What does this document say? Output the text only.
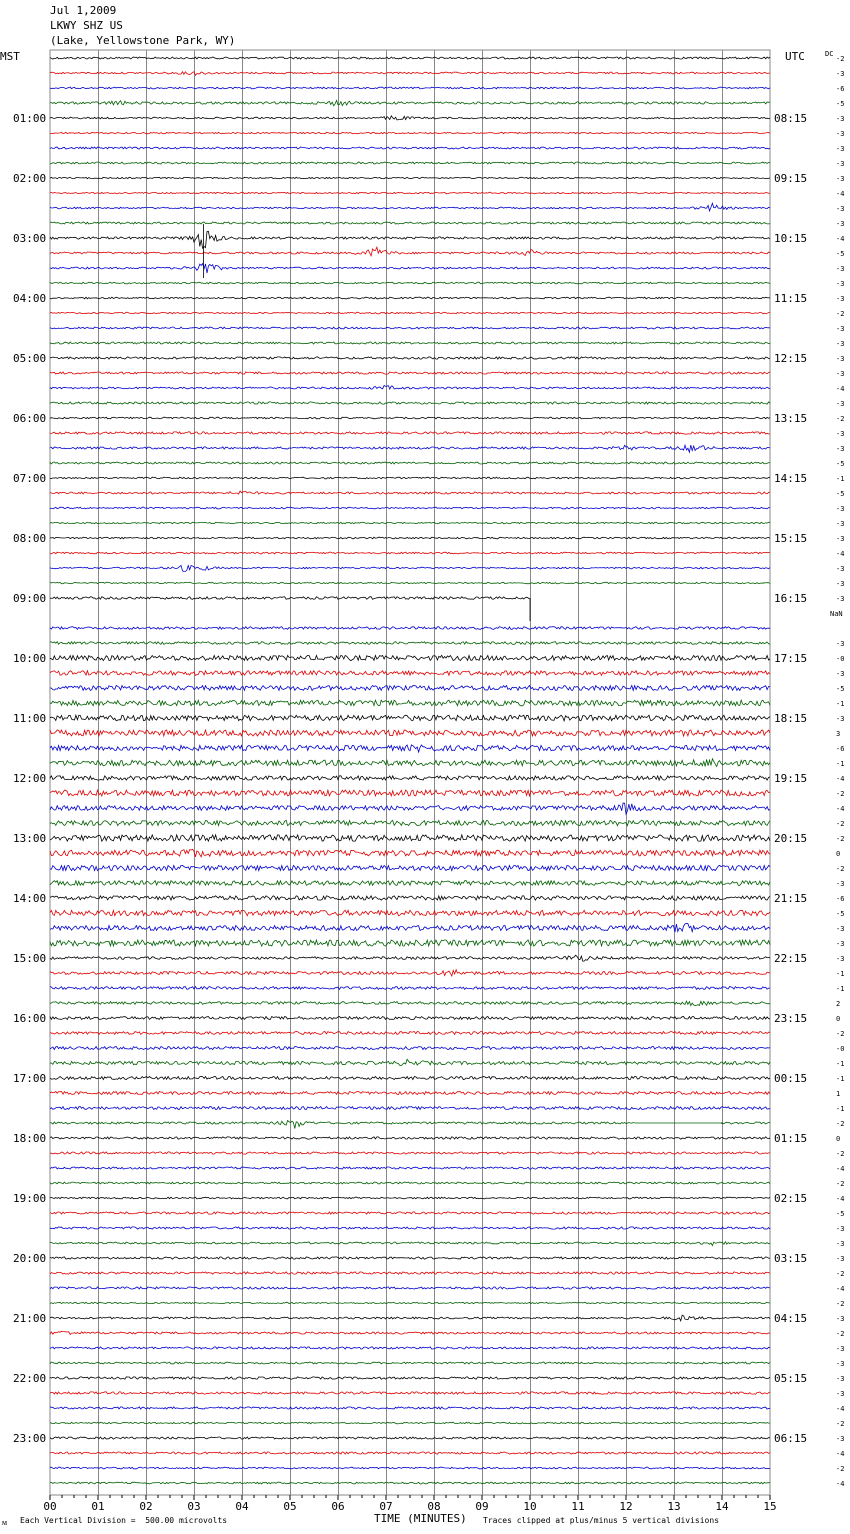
Jul 1,2009
LKWY SHZ US
(Lake, Yellowstone Park, WY)
MST	UTC	-2
-3
-6
-5
-3
-3
-3
-3
-3
-4
-3
-3
-4
-5
-3
-3
-3
-2
-3
-3
-3
-3
-4
-3
-2
-3
-3
-5
-1
-5
-3
-3
-3
-4
-3
-3
-3
-3
-0
-3
-5
-1
-3
3
-6
-1
-4
-2
-4
-2
-2
0
-2
-3
-6
-5
-3
-3
-3
-1
-1
2
0
-2
-0
-1
-1
1
-1
-2
0
-2
-4
-2
-4
-5
-3
-3
-3
-2
-4
-2
-3
-2
-3
-3
-3
-3
-4
-2
-3
-4
-2
-4
01:00	08:15
02:00	09:15
03:00	10:15
04:00	11:15
05:00	12:15
06:00	13:15
07:00	14:15
08:00	15:15
09:00	16:15
10:00	17:15
11:00	18:15
12:00	19:15
13:00	20:15
14:00	21:15
15:00	22:15
16:00	23:15
17:00	00:15
18:00	01:15
19:00	02:15
20:00	03:15
21:00	04:15
22:00	05:15
23:00	06:15
DC
NaN
00	01	02	03	04	05	06	07	08	09	10	11	12	13	14	15
ᴍ Each Vertical Division =  500.00 microvolts	TIME (MINUTES) Traces clipped at plus/minus 5 vertical divisions
